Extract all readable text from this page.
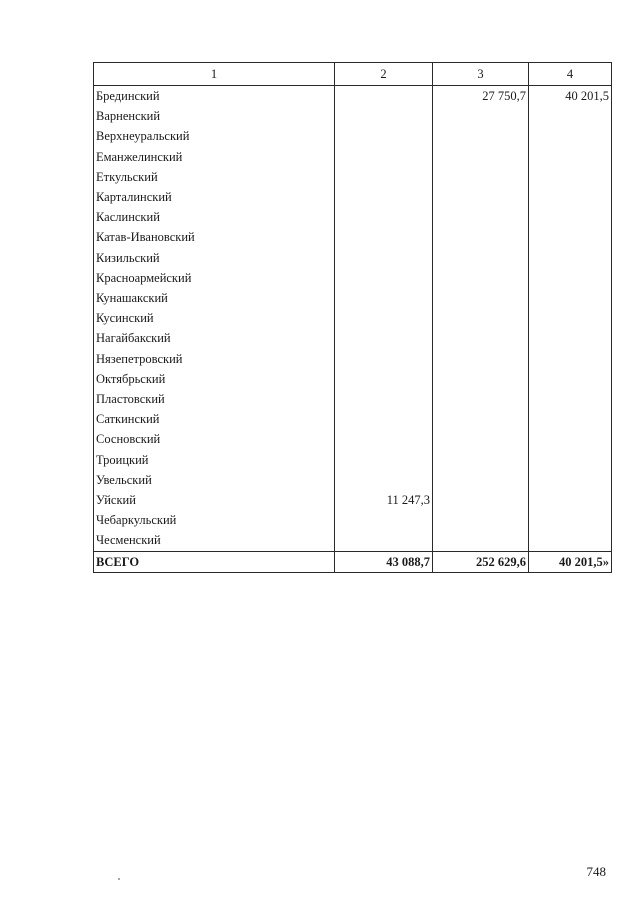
1	2	3	4
Брединский		27 750,7	40 201,5
Варненский			
Верхнеуральский			
Еманжелинский			
Еткульский			
Карталинский			
Каслинский			
Катав-Ивановский			
Кизильский			
Красноармейский			
Кунашакский			
Кусинский			
Нагайбакский			
Нязепетровский			
Октябрьский			
Пластовский			
Саткинский			
Сосновский			
Троицкий			
Увельский			
Уйский	11 247,3		
Чебаркульский			
Чесменский			
ВСЕГО	43 088,7	252 629,6	40 201,5»
748
